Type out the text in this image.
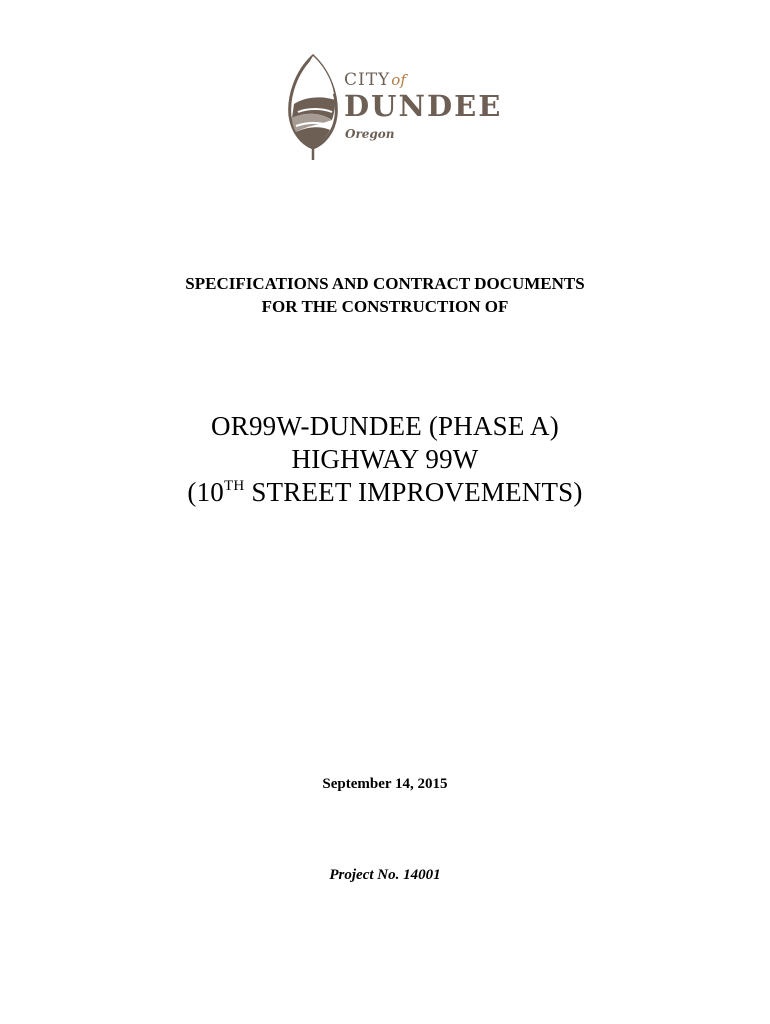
CITYof
DUNDEE
Oregon
SPECIFICATIONS AND CONTRACT DOCUMENTS
FOR THE CONSTRUCTION OF
OR99W-DUNDEE (PHASE A)
HIGHWAY 99W
(10TH STREET IMPROVEMENTS)
September 14, 2015
Project No. 14001
